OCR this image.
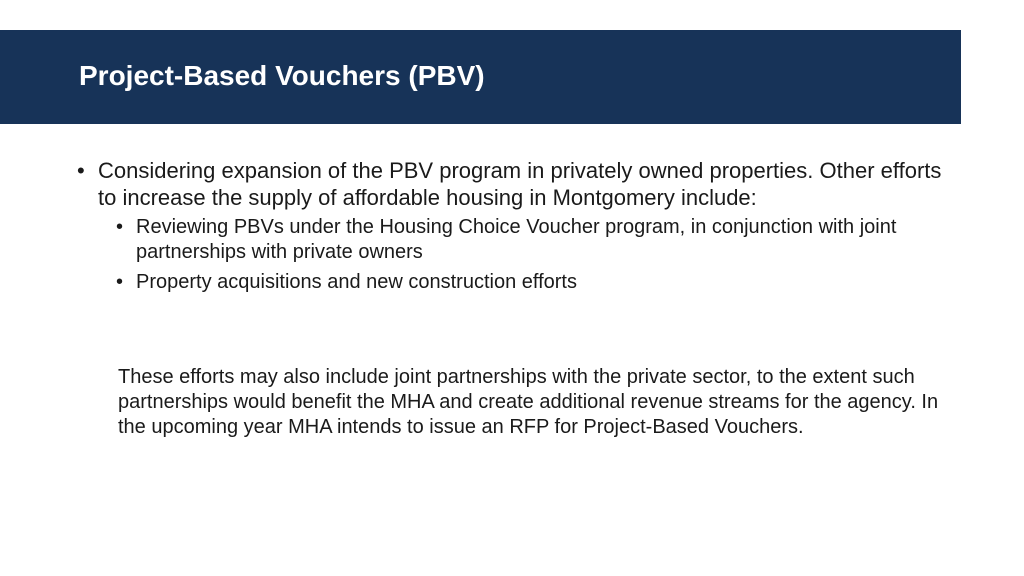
Project-Based Vouchers (PBV)
• Considering expansion of the PBV program in privately owned properties. Other efforts to increase the supply of affordable housing in Montgomery include:
• Reviewing PBVs under the Housing Choice Voucher program, in conjunction with joint partnerships with private owners
• Property acquisitions and new construction efforts

These efforts may also include joint partnerships with the private sector, to the extent such partnerships would benefit the MHA and create additional revenue streams for the agency. In the upcoming year MHA intends to issue an RFP for Project-Based Vouchers.
